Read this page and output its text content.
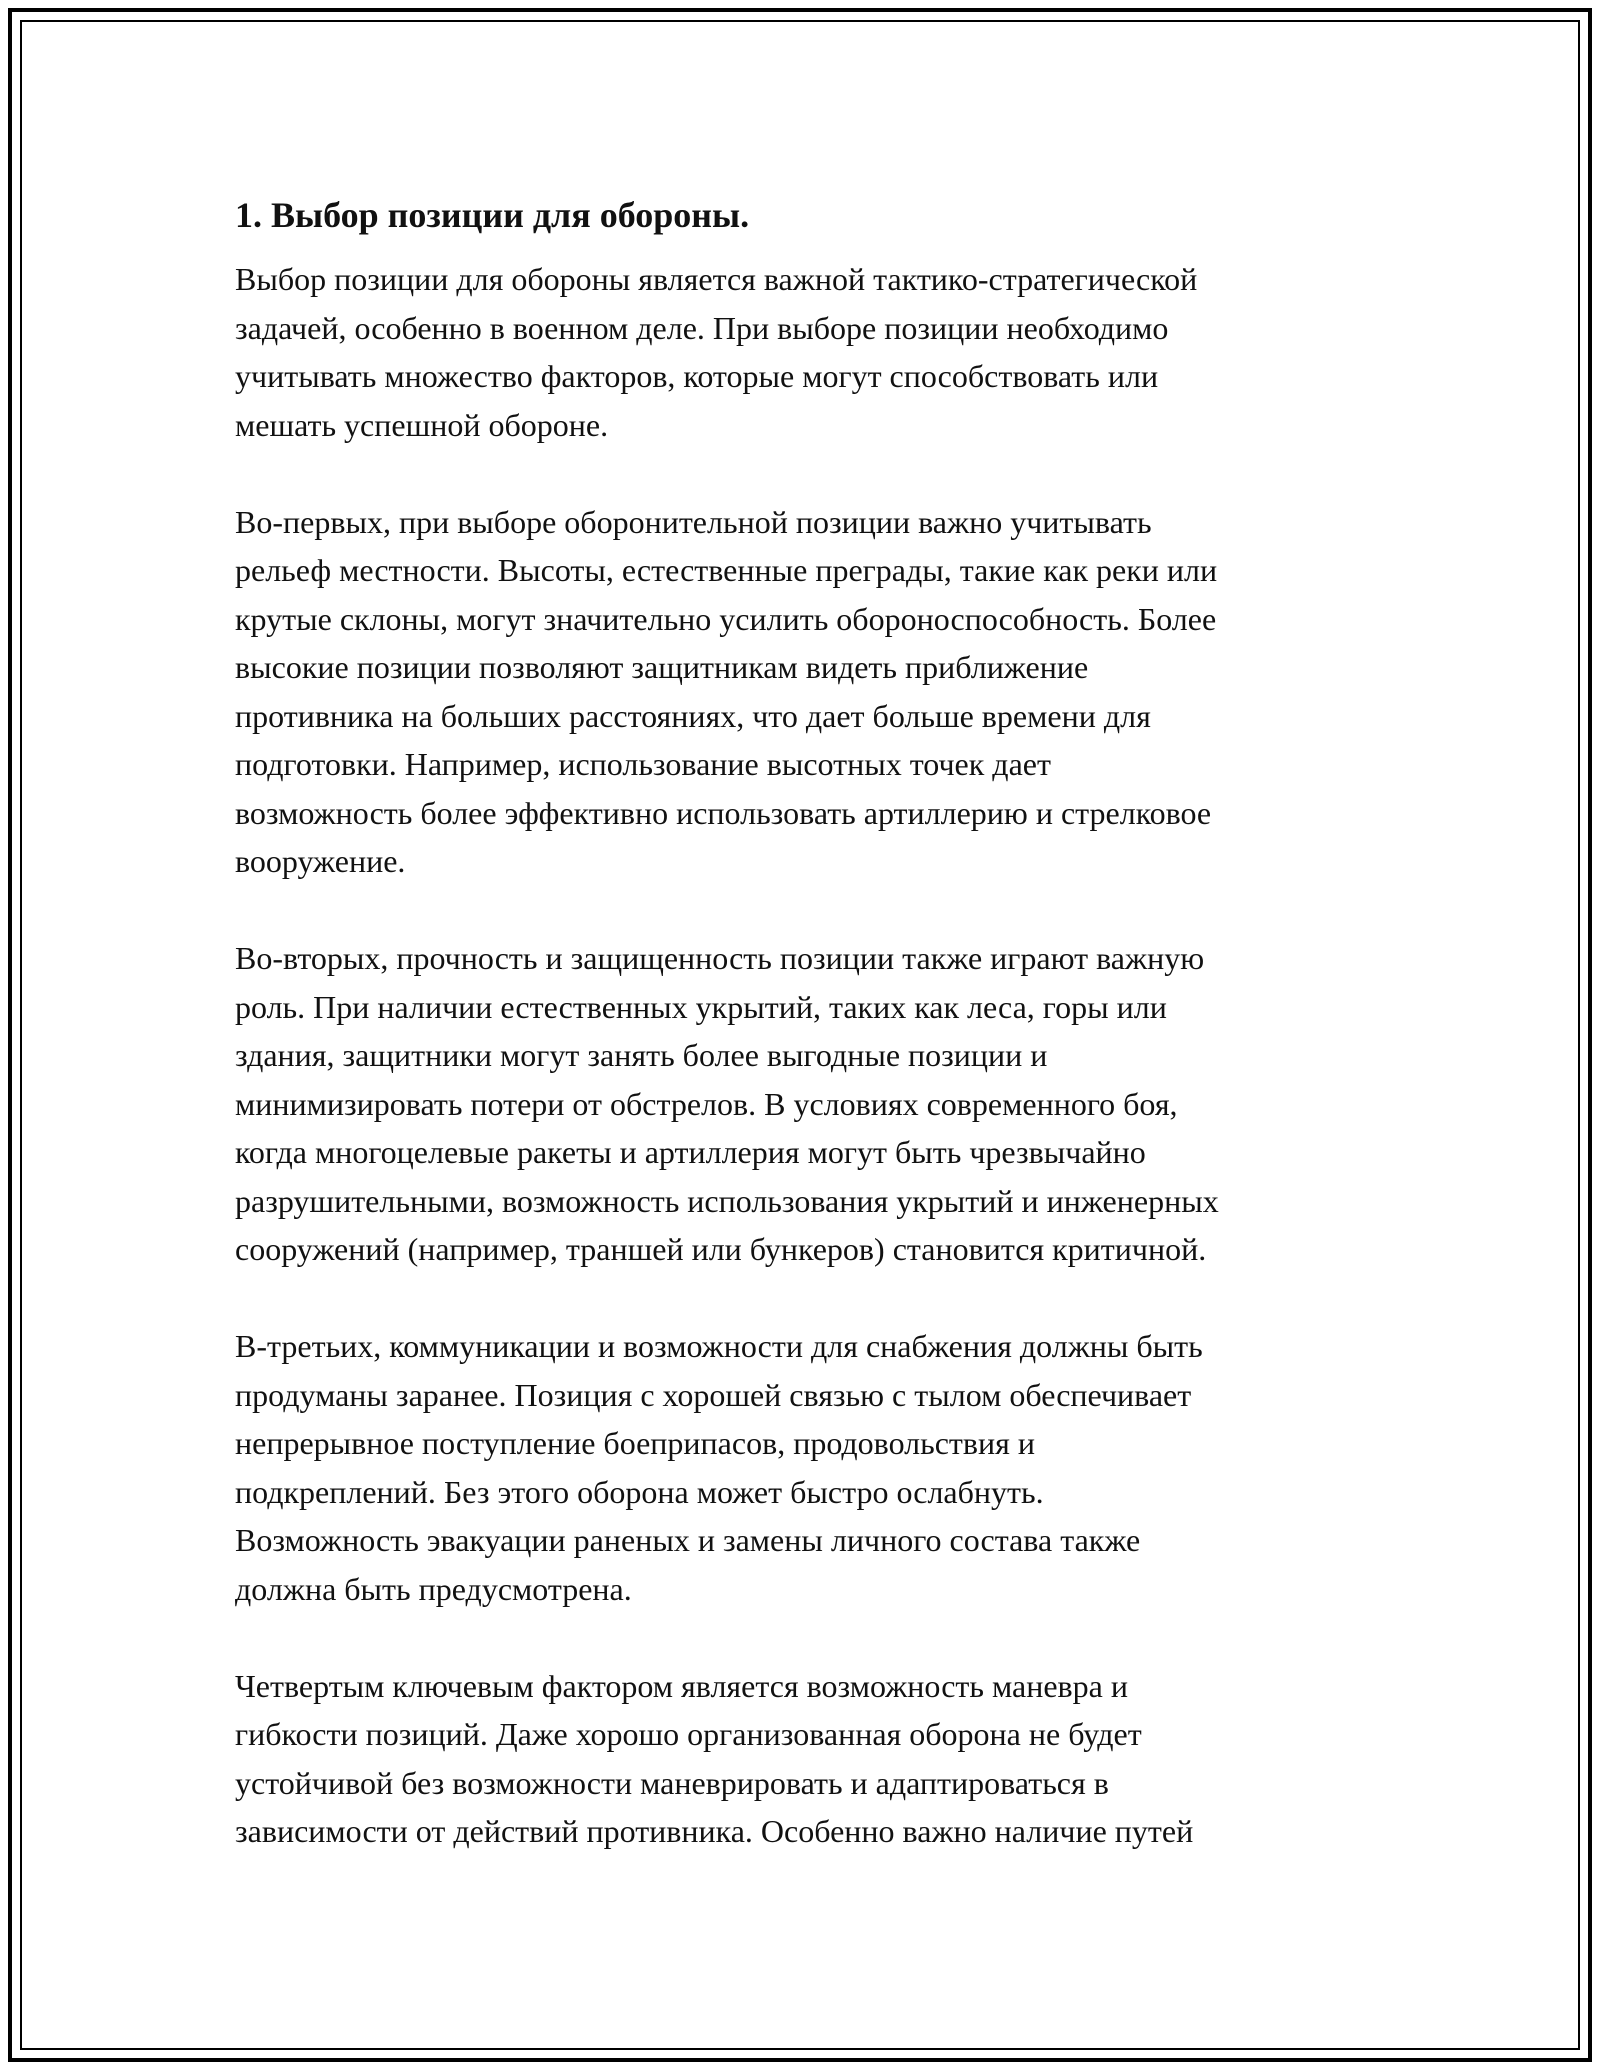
1. Выбор позиции для обороны.
Выбор позиции для обороны является важной тактико-стратегической
задачей, особенно в военном деле. При выборе позиции необходимо
учитывать множество факторов, которые могут способствовать или
мешать успешной обороне.
Во-первых, при выборе оборонительной позиции важно учитывать
рельеф местности. Высоты, естественные преграды, такие как реки или
крутые склоны, могут значительно усилить обороноспособность. Более
высокие позиции позволяют защитникам видеть приближение
противника на больших расстояниях, что дает больше времени для
подготовки. Например, использование высотных точек дает
возможность более эффективно использовать артиллерию и стрелковое
вооружение.
Во-вторых, прочность и защищенность позиции также играют важную
роль. При наличии естественных укрытий, таких как леса, горы или
здания, защитники могут занять более выгодные позиции и
минимизировать потери от обстрелов. В условиях современного боя,
когда многоцелевые ракеты и артиллерия могут быть чрезвычайно
разрушительными, возможность использования укрытий и инженерных
сооружений (например, траншей или бункеров) становится критичной.
В-третьих, коммуникации и возможности для снабжения должны быть
продуманы заранее. Позиция с хорошей связью с тылом обеспечивает
непрерывное поступление боеприпасов, продовольствия и
подкреплений. Без этого оборона может быстро ослабнуть.
Возможность эвакуации раненых и замены личного состава также
должна быть предусмотрена.
Четвертым ключевым фактором является возможность маневра и
гибкости позиций. Даже хорошо организованная оборона не будет
устойчивой без возможности маневрировать и адаптироваться в
зависимости от действий противника. Особенно важно наличие путей
